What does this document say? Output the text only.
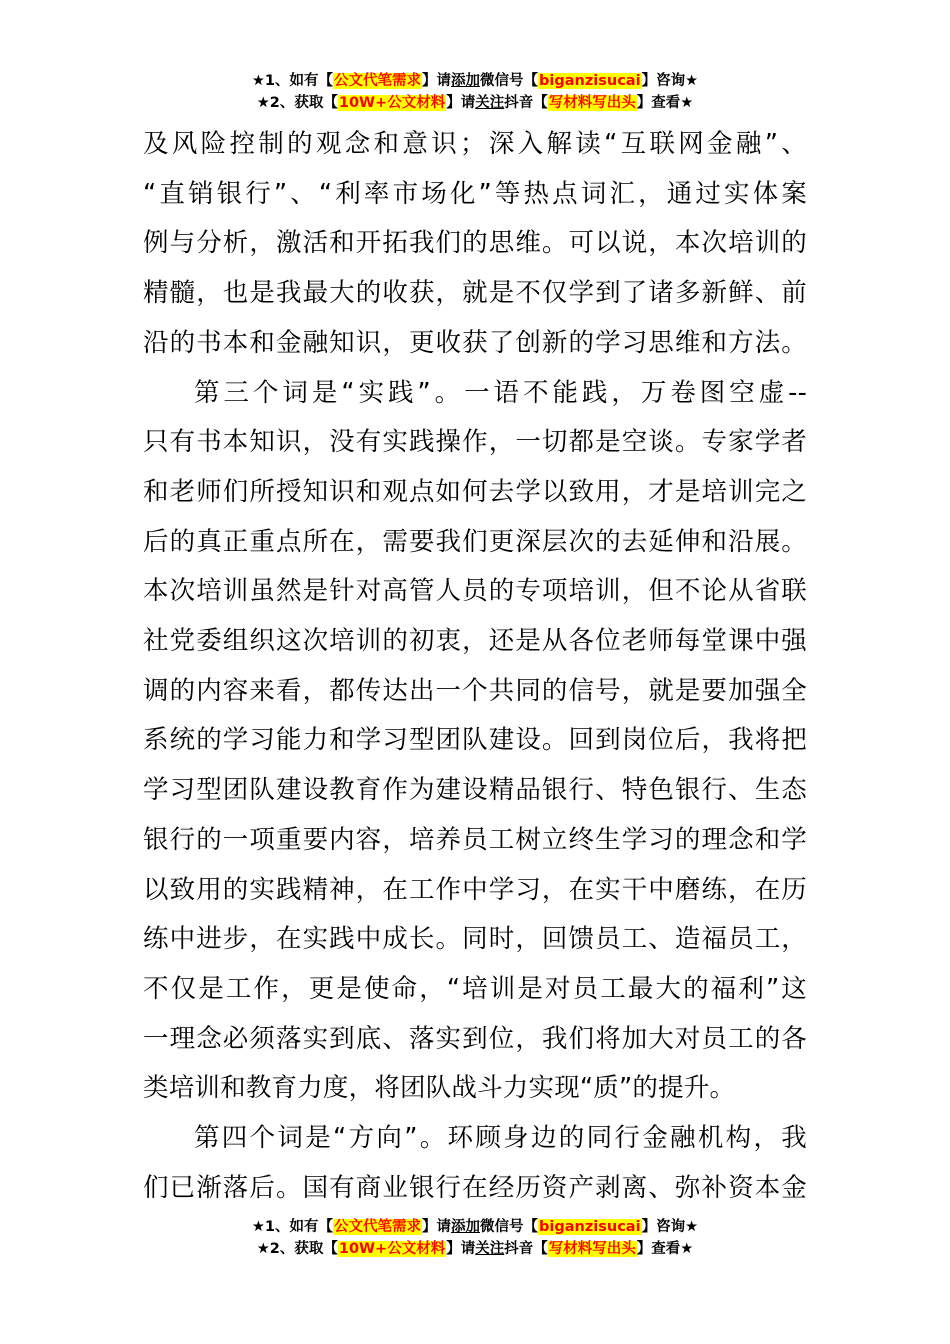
★1、如有【公文代笔需求】请添加微信号【biganzisucai】咨询★
★2、获取【10W+公文材料】请关注抖音【写材料写出头】查看★

及风险控制的观念和意识；深入解读“互联网金融”、
“直销银行”、“利率市场化”等热点词汇，通过实体案
例与分析，激活和开拓我们的思维。可以说，本次培训的
精髓，也是我最大的收获，就是不仅学到了诸多新鲜、前
沿的书本和金融知识，更收获了创新的学习思维和方法。

第三个词是“实践”。一语不能践，万卷图空虚--
只有书本知识，没有实践操作，一切都是空谈。专家学者
和老师们所授知识和观点如何去学以致用，才是培训完之
后的真正重点所在，需要我们更深层次的去延伸和沿展。
本次培训虽然是针对高管人员的专项培训，但不论从省联
社党委组织这次培训的初衷，还是从各位老师每堂课中强
调的内容来看，都传达出一个共同的信号，就是要加强全
系统的学习能力和学习型团队建设。回到岗位后，我将把
学习型团队建设教育作为建设精品银行、特色银行、生态
银行的一项重要内容，培养员工树立终生学习的理念和学
以致用的实践精神，在工作中学习，在实干中磨练，在历
练中进步，在实践中成长。同时，回馈员工、造福员工，
不仅是工作，更是使命，“培训是对员工最大的福利”这
一理念必须落实到底、落实到位，我们将加大对员工的各
类培训和教育力度，将团队战斗力实现“质”的提升。

第四个词是“方向”。环顾身边的同行金融机构，我
们已渐落后。国有商业银行在经历资产剥离、弥补资本金

★1、如有【公文代笔需求】请添加微信号【biganzisucai】咨询★
★2、获取【10W+公文材料】请关注抖音【写材料写出头】查看★
